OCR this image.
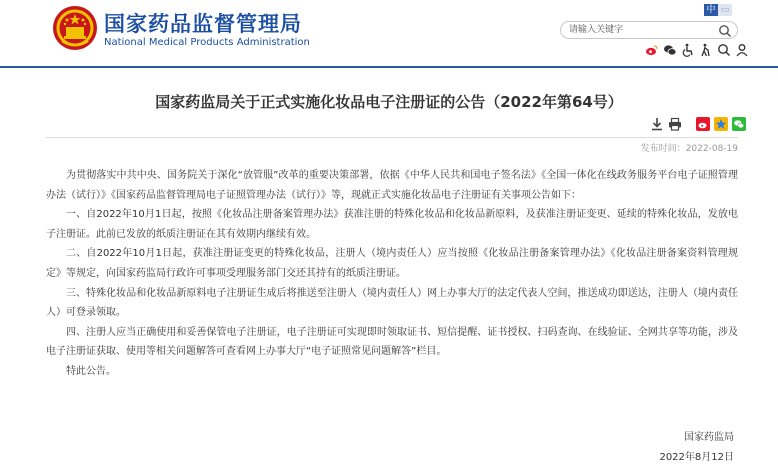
国家药品监督管理局
National Medical Products Administration
中 ▭
请输入关键字
国家药监局关于正式实施化妆品电子注册证的公告（2022年第64号）
发布时间：2022-08-19

为贯彻落实中共中央、国务院关于深化“放管服”改革的重要决策部署，依据《中华人民共和国电子签名法》《全国一体化在线政务服务平台电子证照管理办法（试行）》《国家药品监督管理局电子证照管理办法（试行）》等，现就正式实施化妆品电子注册证有关事项公告如下：

一、自2022年10月1日起，按照《化妆品注册备案管理办法》获准注册的特殊化妆品和化妆品新原料，及获准注册证变更、延续的特殊化妆品，发放电子注册证。此前已发放的纸质注册证在其有效期内继续有效。

二、自2022年10月1日起，获准注册证变更的特殊化妆品，注册人（境内责任人）应当按照《化妆品注册备案管理办法》《化妆品注册备案资料管理规定》等规定，向国家药监局行政许可事项受理服务部门交还其持有的纸质注册证。

三、特殊化妆品和化妆品新原料电子注册证生成后将推送至注册人（境内责任人）网上办事大厅的法定代表人空间，推送成功即送达，注册人（境内责任人）可登录领取。

四、注册人应当正确使用和妥善保管电子注册证，电子注册证可实现即时领取证书、短信提醒、证书授权、扫码查询、在线验证、全网共享等功能，涉及电子注册证获取、使用等相关问题解答可查看网上办事大厅“电子证照常见问题解答”栏目。

特此公告。

国家药监局
2022年8月12日
